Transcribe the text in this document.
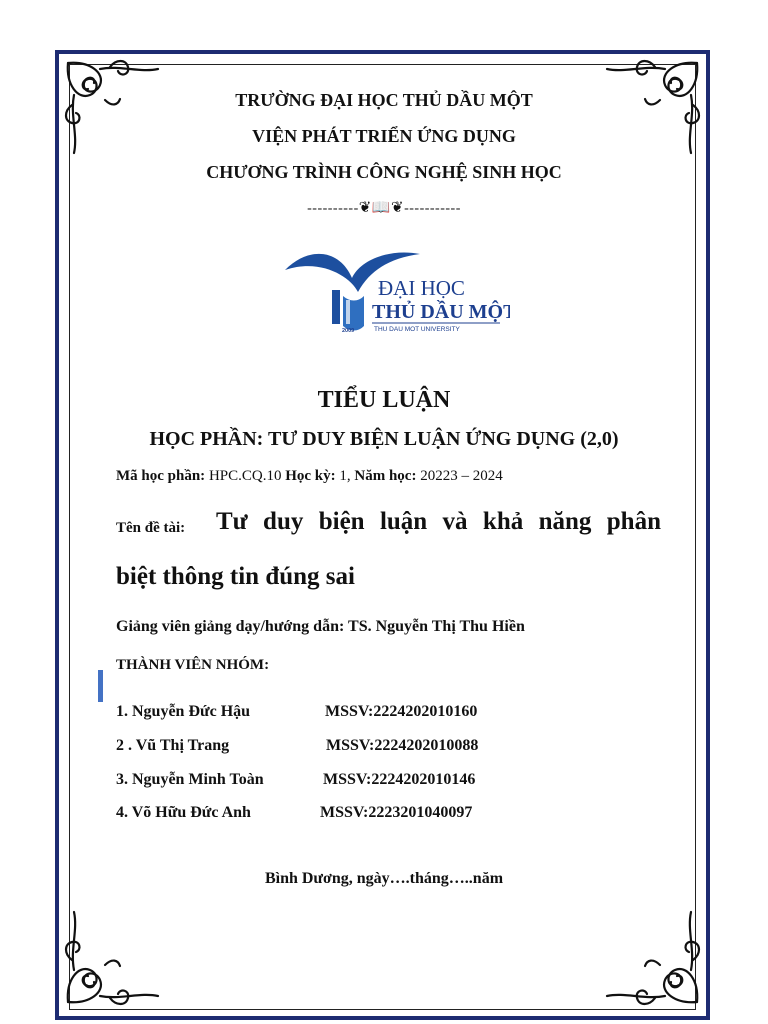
TRƯỜNG ĐẠI HỌC THỦ DẦU MỘT
VIỆN PHÁT TRIỂN ỨNG DỤNG
CHƯƠNG TRÌNH CÔNG NGHỆ SINH HỌC
----------❦📖❦-----------
ĐẠI HỌC
THỦ DẦU MỘT
2009	THU DAU MOT UNIVERSITY
TIỂU LUẬN
HỌC PHẦN: TƯ DUY BIỆN LUẬN ỨNG DỤNG (2,0)
Mã học phần: HPC.CQ.10 Học kỳ: 1, Năm học: 20223 – 2024
Tên đề tài: Tư duy biện luận và khả năng phân
biệt thông tin đúng sai
Giảng viên giảng dạy/hướng dẫn: TS. Nguyễn Thị Thu Hiền
THÀNH VIÊN NHÓM:
1. Nguyễn Đức Hậu	MSSV:2224202010160
2 . Vũ Thị Trang	MSSV:2224202010088
3. Nguyễn Minh Toàn	MSSV:2224202010146
4. Võ Hữu Đức Anh	MSSV:2223201040097
Bình Dương, ngày….tháng…..năm
